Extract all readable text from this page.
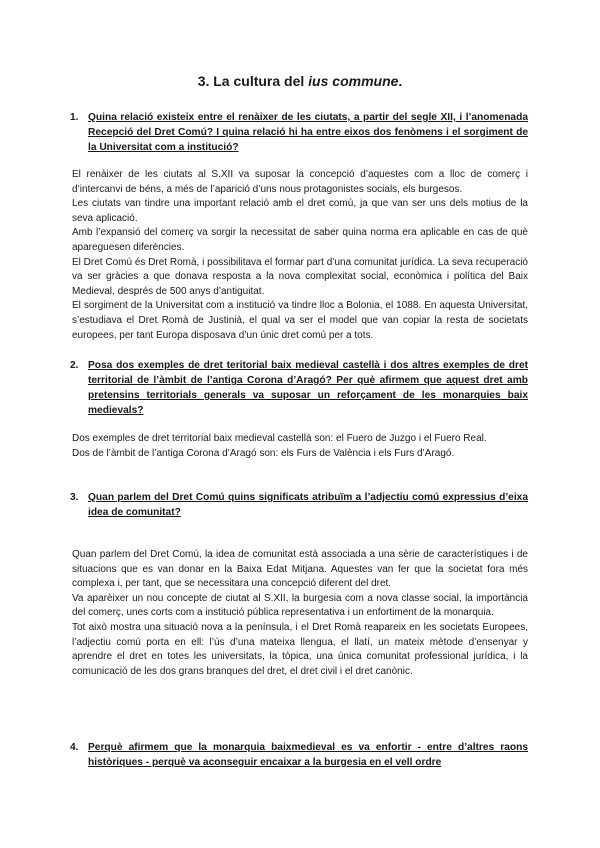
3. La cultura del ius commune.
1. Quina relació existeix entre el renàixer de les ciutats, a partir del segle XII, i l’anomenada Recepció del Dret Comú? I quina relació hi ha entre eixos dos fenòmens i el sorgiment de la Universitat com a institució?

El renàixer de les ciutats al S.XII va suposar la concepció d’aquestes com a lloc de comerç i d’intercanvi de béns, a més de l’aparició d’uns nous protagonistes socials, els burgesos.

Les ciutats van tindre una important relació amb el dret comú, ja que van ser uns dels motius de la seva aplicació.

Amb l’expansió del comerç va sorgir la necessitat de saber quina norma era aplicable en cas de què apareguesen diferències.

El Dret Comú és Dret Romà, i possibilitava el formar part d’una comunitat jurídica. La seva recuperació va ser gràcies a que donava resposta a la nova complexitat social, econòmica i política del Baix Medieval, després de 500 anys d’antiguitat.

El sorgiment de la Universitat com a institució va tindre lloc a Bolonia, el 1088. En aquesta Universitat, s’estudiava el Dret Romà de Justinià, el qual va ser el model que van copiar la resta de societats europees, per tant Europa disposava d’un únic dret comú per a tots.

2. Posa dos exemples de dret teritorial baix medieval castellà i dos altres exemples de dret territorial de l’àmbit de l’antiga Corona d’Aragó? Per què afirmem que aquest dret amb pretensins territorials generals va suposar un reforçament de les monarquies baix medievals?

Dos exemples de dret territorial baix medieval castellà son: el Fuero de Juzgo i el Fuero Real.

Dos de l’àmbit de l’antiga Corona d’Aragó son: els Furs de València i els Furs d’Aragó.

3. Quan parlem del Dret Comú quins significats atribuïm a l’adjectiu comú expressius d’eixa idea de comunitat?

Quan parlem del Dret Comú, la idea de comunitat està associada a una sèrie de característiques i de situacions que es van donar en la Baixa Edat Mitjana. Aquestes van fer que la societat fora més complexa i, per tant, que se necessitara una concepció diferent del dret.

Va aparèixer un nou concepte de ciutat al S.XII, la burgesia com a nova classe social, la importància del comerç, unes corts com a institució pública representativa i un enfortiment de la monarquia.

Tot això mostra una situació nova a la península, i el Dret Romà reapareix en les societats Europees, l’adjectiu comú porta en ell: l’ús d’una mateixa llengua, el llatí, un mateix mètode d’ensenyar y aprendre el dret en totes les universitats, la tòpica, una única comunitat professional jurídica, i la comunicació de les dos grans branques del dret, el dret civil i el dret canònic.

4. Perquè afirmem que la monarquia baixmedieval es va enfortir - entre d’altres raons històriques - perquè va aconseguir encaixar a la burgesia en el vell ordre
